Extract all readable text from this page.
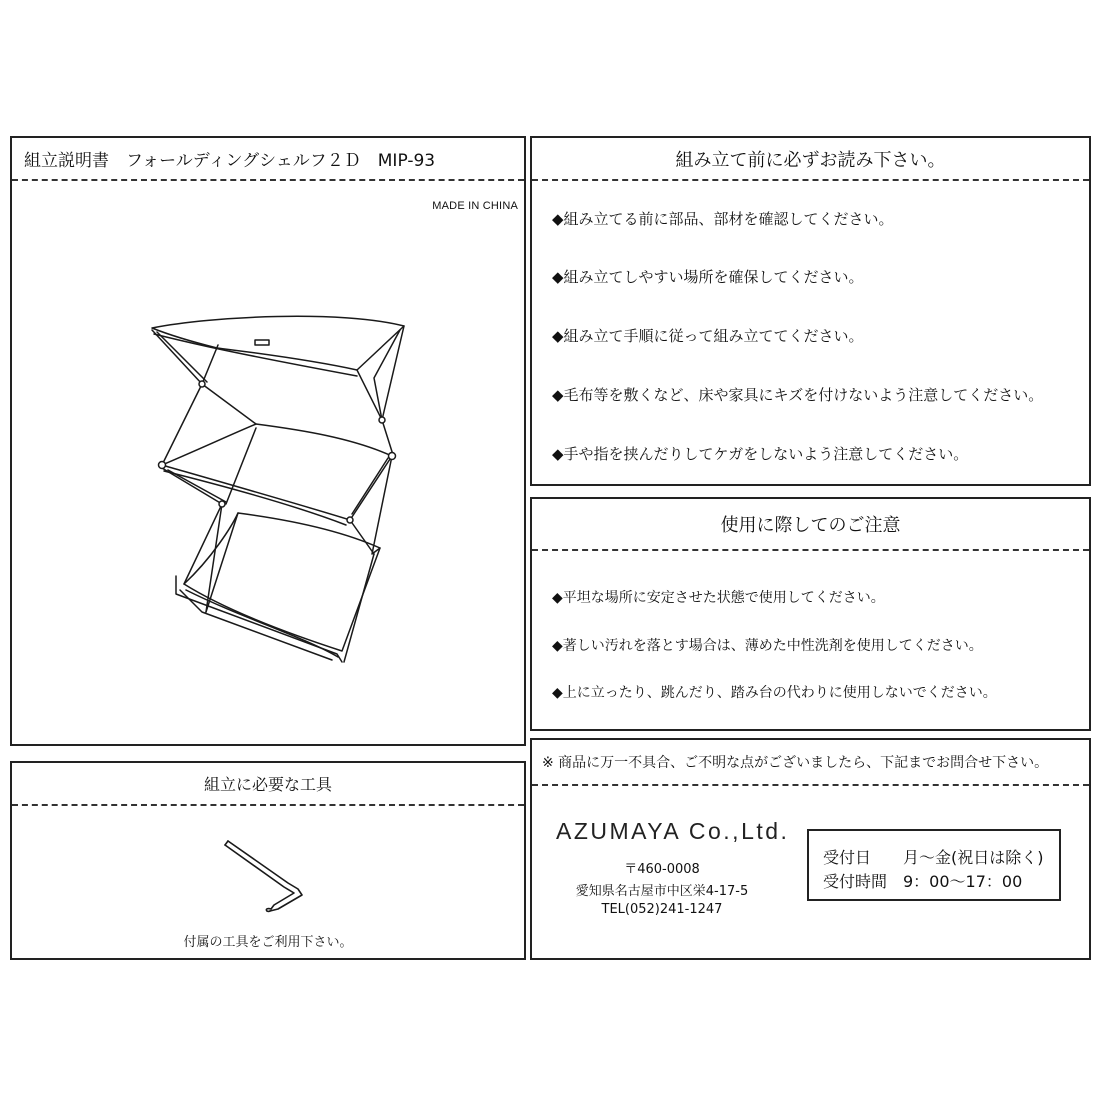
組立説明書　フォールディングシェルフ２Ｄ　MIP-93
MADE IN CHINA
組み立て前に必ずお読み下さい。
◆組み立てる前に部品、部材を確認してください。
◆組み立てしやすい場所を確保してください。
◆組み立て手順に従って組み立ててください。
◆毛布等を敷くなど、床や家具にキズを付けないよう注意してください。
◆手や指を挟んだりしてケガをしないよう注意してください。
使用に際してのご注意
◆平坦な場所に安定させた状態で使用してください。
◆著しい汚れを落とす場合は、薄めた中性洗剤を使用してください。
◆上に立ったり、跳んだり、踏み台の代わりに使用しないでください。
組立に必要な工具
付属の工具をご利用下さい。
※ 商品に万一不具合、ご不明な点がございましたら、下記までお問合せ下さい。
AZUMAYA Co.,Ltd.
〒460-0008
愛知県名古屋市中区栄4-17-5
TEL(052)241-1247
受付日 月～金(祝日は除く)
受付時間 9：00～17：00
